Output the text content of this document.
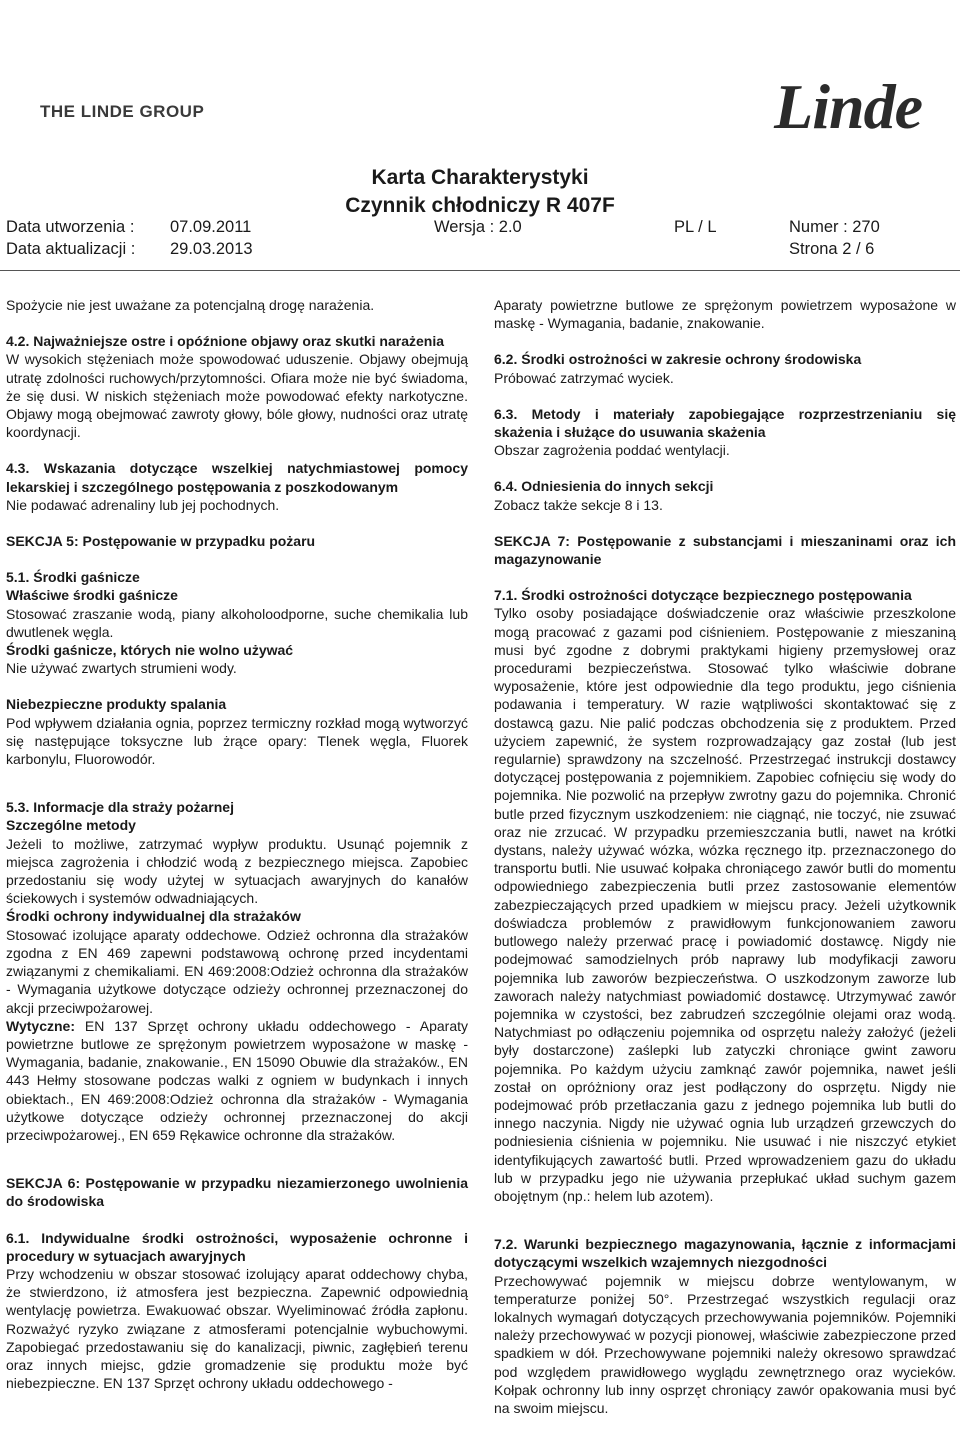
THE LINDE GROUP	Linde
Karta Charakterystyki
Czynnik chłodniczy R 407F
Data utworzenia : 07.09.2011	Wersja : 2.0	PL / L	Numer : 270
Data aktualizacji : 29.03.2013	Strona 2 / 6

Spożycie nie jest uważane za potencjalną drogę narażenia.

4.2. Najważniejsze ostre i opóźnione objawy oraz skutki narażenia

W wysokich stężeniach może spowodować uduszenie. Objawy obejmują utratę zdolności ruchowych/przytomności. Ofiara może nie być świadoma, że się dusi. W niskich stężeniach może powodować efekty narkotyczne. Objawy mogą obejmować zawroty głowy, bóle głowy, nudności oraz utratę koordynacji.

4.3. Wskazania dotyczące wszelkiej natychmiastowej pomocy lekarskiej i szczególnego postępowania z poszkodowanym

Nie podawać adrenaliny lub jej pochodnych.

SEKCJA 5: Postępowanie w przypadku pożaru

5.1. Środki gaśnicze

Właściwe środki gaśnicze

Stosować zraszanie wodą, piany alkoholoodporne, suche chemikalia lub dwutlenek węgla.

Środki gaśnicze, których nie wolno używać

Nie używać zwartych strumieni wody.

Niebezpieczne produkty spalania

Pod wpływem działania ognia, poprzez termiczny rozkład mogą wytworzyć się następujące toksyczne lub żrące opary: Tlenek węgla, Fluorek karbonylu, Fluorowodór.

5.3. Informacje dla straży pożarnej

Szczególne metody

Jeżeli to możliwe, zatrzymać wypływ produktu. Usunąć pojemnik z miejsca zagrożenia i chłodzić wodą z bezpiecznego miejsca. Zapobiec przedostaniu się wody użytej w sytuacjach awaryjnych do kanałów ściekowych i systemów odwadniających.

Środki ochrony indywidualnej dla strażaków

Stosować izolujące aparaty oddechowe. Odzież ochronna dla strażaków zgodna z EN 469 zapewni podstawową ochronę przed incydentami związanymi z chemikaliami. EN 469:2008:Odzież ochronna dla strażaków - Wymagania użytkowe dotyczące odzieży ochronnej przeznaczonej do akcji przeciwpożarowej.

Wytyczne: EN 137 Sprzęt ochrony układu oddechowego - Aparaty powietrzne butlowe ze sprężonym powietrzem wyposażone w maskę - Wymagania, badanie, znakowanie., EN 15090 Obuwie dla strażaków., EN 443 Hełmy stosowane podczas walki z ogniem w budynkach i innych obiektach., EN 469:2008:Odzież ochronna dla strażaków - Wymagania użytkowe dotyczące odzieży ochronnej przeznaczonej do akcji przeciwpożarowej., EN 659 Rękawice ochronne dla strażaków.

SEKCJA 6: Postępowanie w przypadku niezamierzonego uwolnienia do środowiska

6.1. Indywidualne środki ostrożności, wyposażenie ochronne i procedury w sytuacjach awaryjnych

Przy wchodzeniu w obszar stosować izolujący aparat oddechowy chyba, że stwierdzono, iż atmosfera jest bezpieczna. Zapewnić odpowiednią wentylację powietrza. Ewakuować obszar. Wyeliminować źródła zapłonu. Rozważyć ryzyko związane z atmosferami potencjalnie wybuchowymi. Zapobiegać przedostawaniu się do kanalizacji, piwnic, zagłębień terenu oraz innych miejsc, gdzie gromadzenie się produktu może być niebezpieczne. EN 137 Sprzęt ochrony układu oddechowego -

Aparaty powietrzne butlowe ze sprężonym powietrzem wyposażone w maskę - Wymagania, badanie, znakowanie.

6.2. Środki ostrożności w zakresie ochrony środowiska

Próbować zatrzymać wyciek.

6.3. Metody i materiały zapobiegające rozprzestrzenianiu się skażenia i służące do usuwania skażenia

Obszar zagrożenia poddać wentylacji.

6.4. Odniesienia do innych sekcji

Zobacz także sekcje 8 i 13.

SEKCJA 7: Postępowanie z substancjami i mieszaninami oraz ich magazynowanie

7.1. Środki ostrożności dotyczące bezpiecznego postępowania

Tylko osoby posiadające doświadczenie oraz właściwie przeszkolone mogą pracować z gazami pod ciśnieniem. Postępowanie z mieszaniną musi być zgodne z dobrymi praktykami higieny przemysłowej oraz procedurami bezpieczeństwa. Stosować tylko właściwie dobrane wyposażenie, które jest odpowiednie dla tego produktu, jego ciśnienia podawania i temperatury. W razie wątpliwości skontaktować się z dostawcą gazu. Nie palić podczas obchodzenia się z produktem. Przed użyciem zapewnić, że system rozprowadzający gaz został (lub jest regularnie) sprawdzony na szczelność. Przestrzegać instrukcji dostawcy dotyczącej postępowania z pojemnikiem. Zapobiec cofnięciu się wody do pojemnika. Nie pozwolić na przepływ zwrotny gazu do pojemnika. Chronić butle przed fizycznym uszkodzeniem: nie ciągnąć, nie toczyć, nie zsuwać oraz nie zrzucać. W przypadku przemieszczania butli, nawet na krótki dystans, należy używać wózka, wózka ręcznego itp. przeznaczonego do transportu butli. Nie usuwać kołpaka chroniącego zawór butli do momentu odpowiedniego zabezpieczenia butli przez zastosowanie elementów zabezpieczających przed upadkiem w miejscu pracy. Jeżeli użytkownik doświadcza problemów z prawidłowym funkcjonowaniem zaworu butlowego należy przerwać pracę i powiadomić dostawcę. Nigdy nie podejmować samodzielnych prób naprawy lub modyfikacji zaworu pojemnika lub zaworów bezpieczeństwa. O uszkodzonym zaworze lub zaworach należy natychmiast powiadomić dostawcę. Utrzymywać zawór pojemnika w czystości, bez zabrudzeń szczególnie olejami oraz wodą. Natychmiast po odłączeniu pojemnika od osprzętu należy założyć (jeżeli były dostarczone) zaślepki lub zatyczki chroniące gwint zaworu pojemnika. Po każdym użyciu zamknąć zawór pojemnika, nawet jeśli został on opróżniony oraz jest podłączony do osprzętu. Nigdy nie podejmować prób przetłaczania gazu z jednego pojemnika lub butli do innego naczynia. Nigdy nie używać ognia lub urządzeń grzewczych do podniesienia ciśnienia w pojemniku. Nie usuwać i nie niszczyć etykiet identyfikujących zawartość butli. Przed wprowadzeniem gazu do układu lub w przypadku jego nie używania przepłukać układ suchym gazem obojętnym (np.: helem lub azotem).

7.2. Warunki bezpiecznego magazynowania, łącznie z informacjami dotyczącymi wszelkich wzajemnych niezgodności

Przechowywać pojemnik w miejscu dobrze wentylowanym, w temperaturze poniżej 50°. Przestrzegać wszystkich regulacji oraz lokalnych wymagań dotyczących przechowywania pojemników. Pojemniki należy przechowywać w pozycji pionowej, właściwie zabezpieczone przed spadkiem w dół. Przechowywane pojemniki należy okresowo sprawdzać pod względem prawidłowego wyglądu zewnętrznego oraz wycieków. Kołpak ochronny lub inny osprzęt chroniący zawór opakowania musi być na swoim miejscu.
